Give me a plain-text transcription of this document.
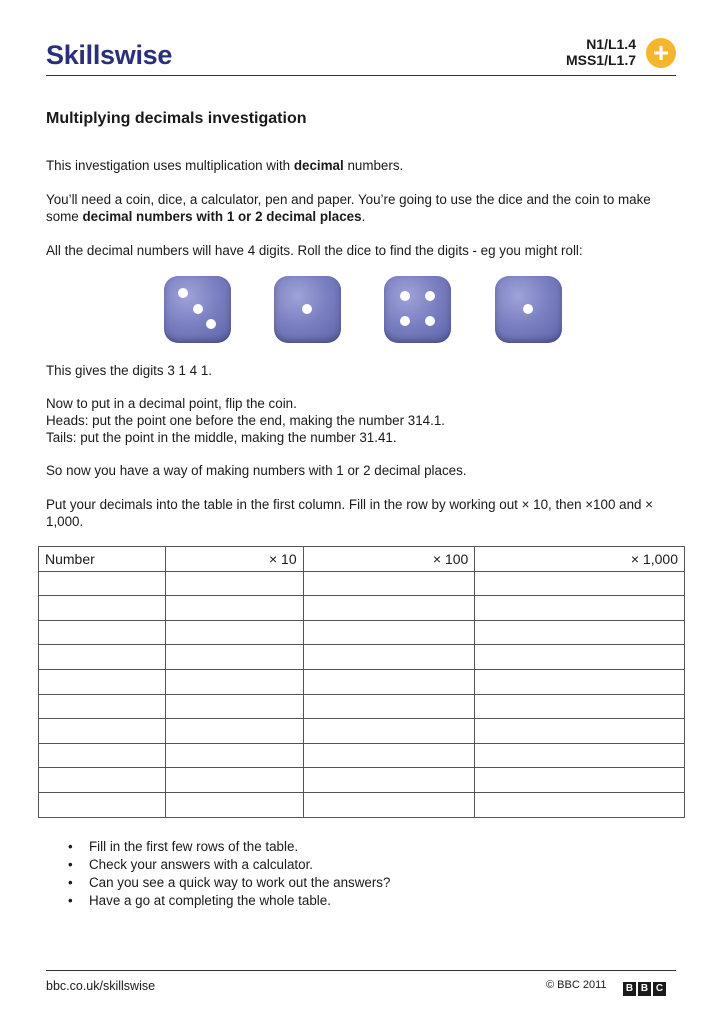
Skillswise	N1/L1.4
MSS1/L1.7 +
Multiplying decimals investigation
This investigation uses multiplication with decimal numbers.
You’ll need a coin, dice, a calculator, pen and paper. You’re going to use the dice and the coin to make some decimal numbers with 1 or 2 decimal places.
All the decimal numbers will have 4 digits. Roll the dice to find the digits - eg you might roll:
This gives the digits 3 1 4 1.
Now to put in a decimal point, flip the coin.
Heads: put the point one before the end, making the number 314.1.
Tails: put the point in the middle, making the number 31.41.
So now you have a way of making numbers with 1 or 2 decimal places.
Put your decimals into the table in the first column. Fill in the row by working out × 10, then ×100 and × 1,000.
Number	× 10	× 100	× 1,000

• Fill in the first few rows of the table.
• Check your answers with a calculator.
• Can you see a quick way to work out the answers?
• Have a go at completing the whole table.
bbc.co.uk/skillswise	© BBC 2011 B B C
